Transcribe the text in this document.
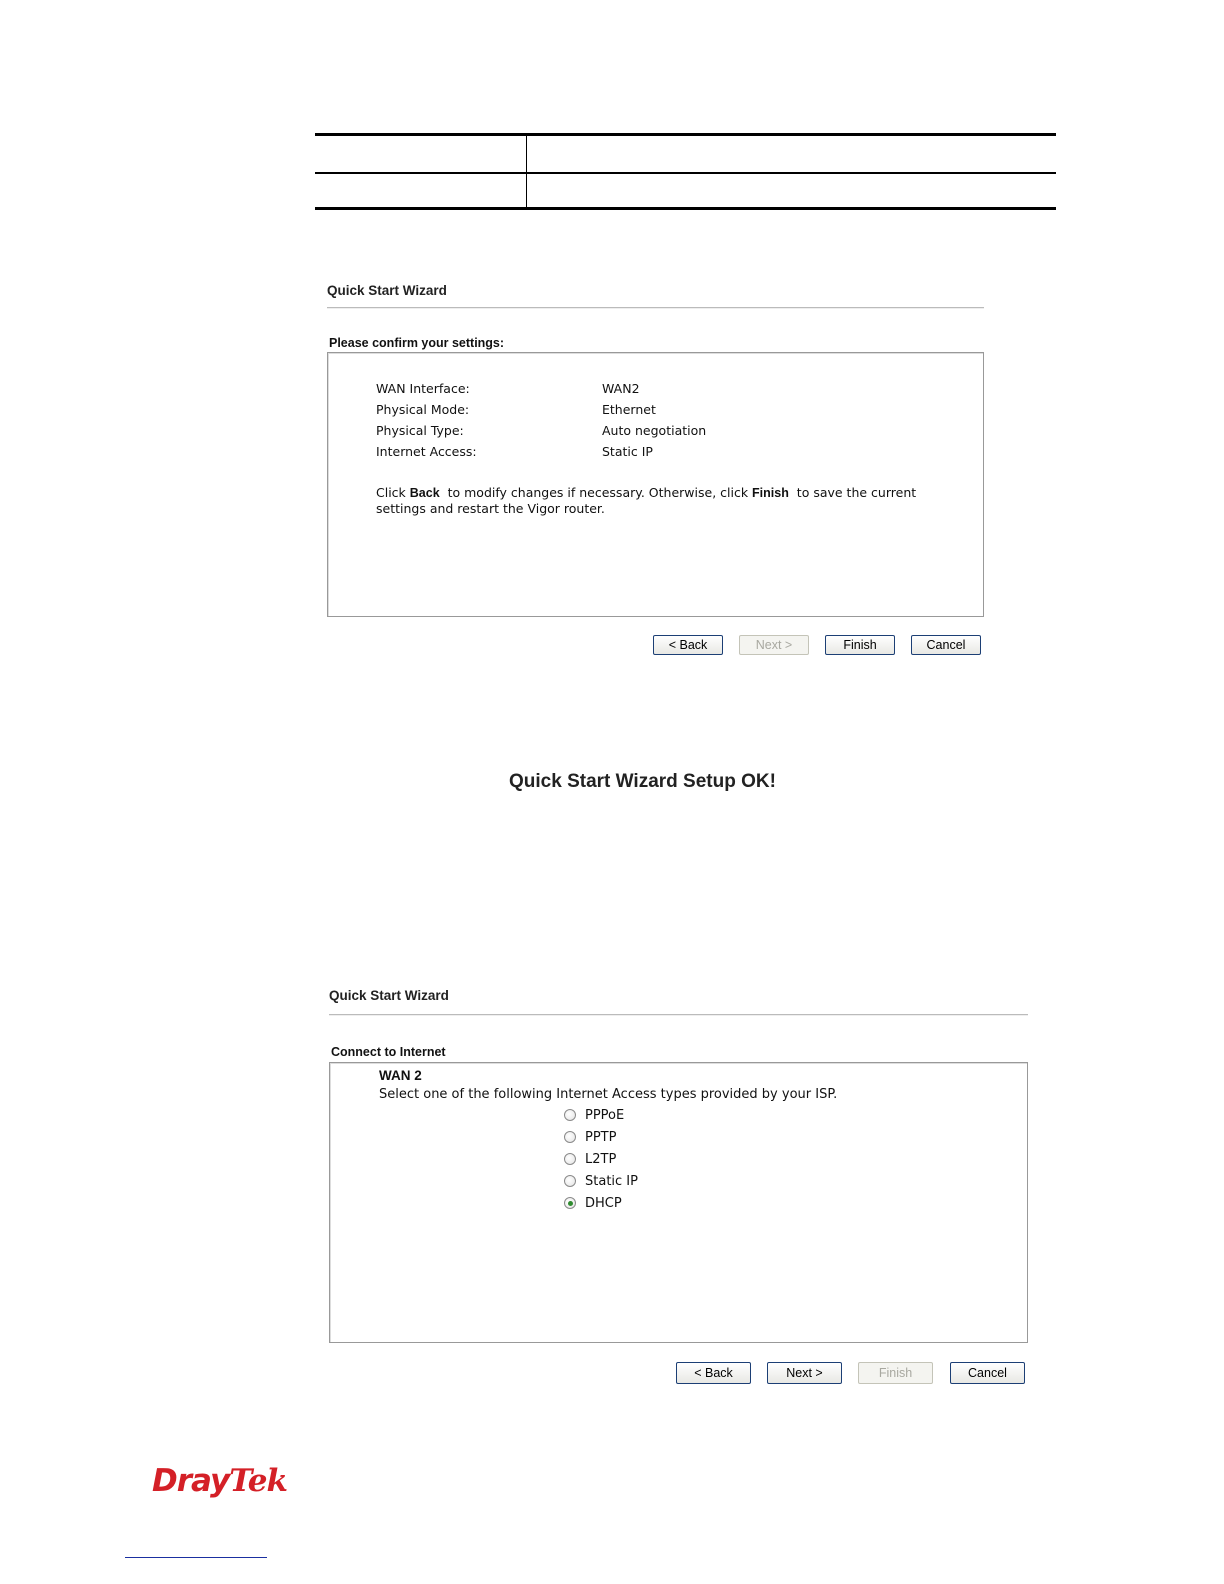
Quick Start Wizard
Please confirm your settings:
WAN Interface:	WAN2
Physical Mode:	Ethernet
Physical Type:	Auto negotiation
Internet Access:	Static IP
Click Back  to modify changes if necessary. Otherwise, click Finish  to save the current
settings and restart the Vigor router.
< Back	Next >	Finish	Cancel
Quick Start Wizard Setup OK!
Quick Start Wizard
Connect to Internet
WAN 2
Select one of the following Internet Access types provided by your ISP.
PPPoE
PPTP
L2TP
Static IP
DHCP
< Back	Next >	Finish	Cancel
DrayTek
